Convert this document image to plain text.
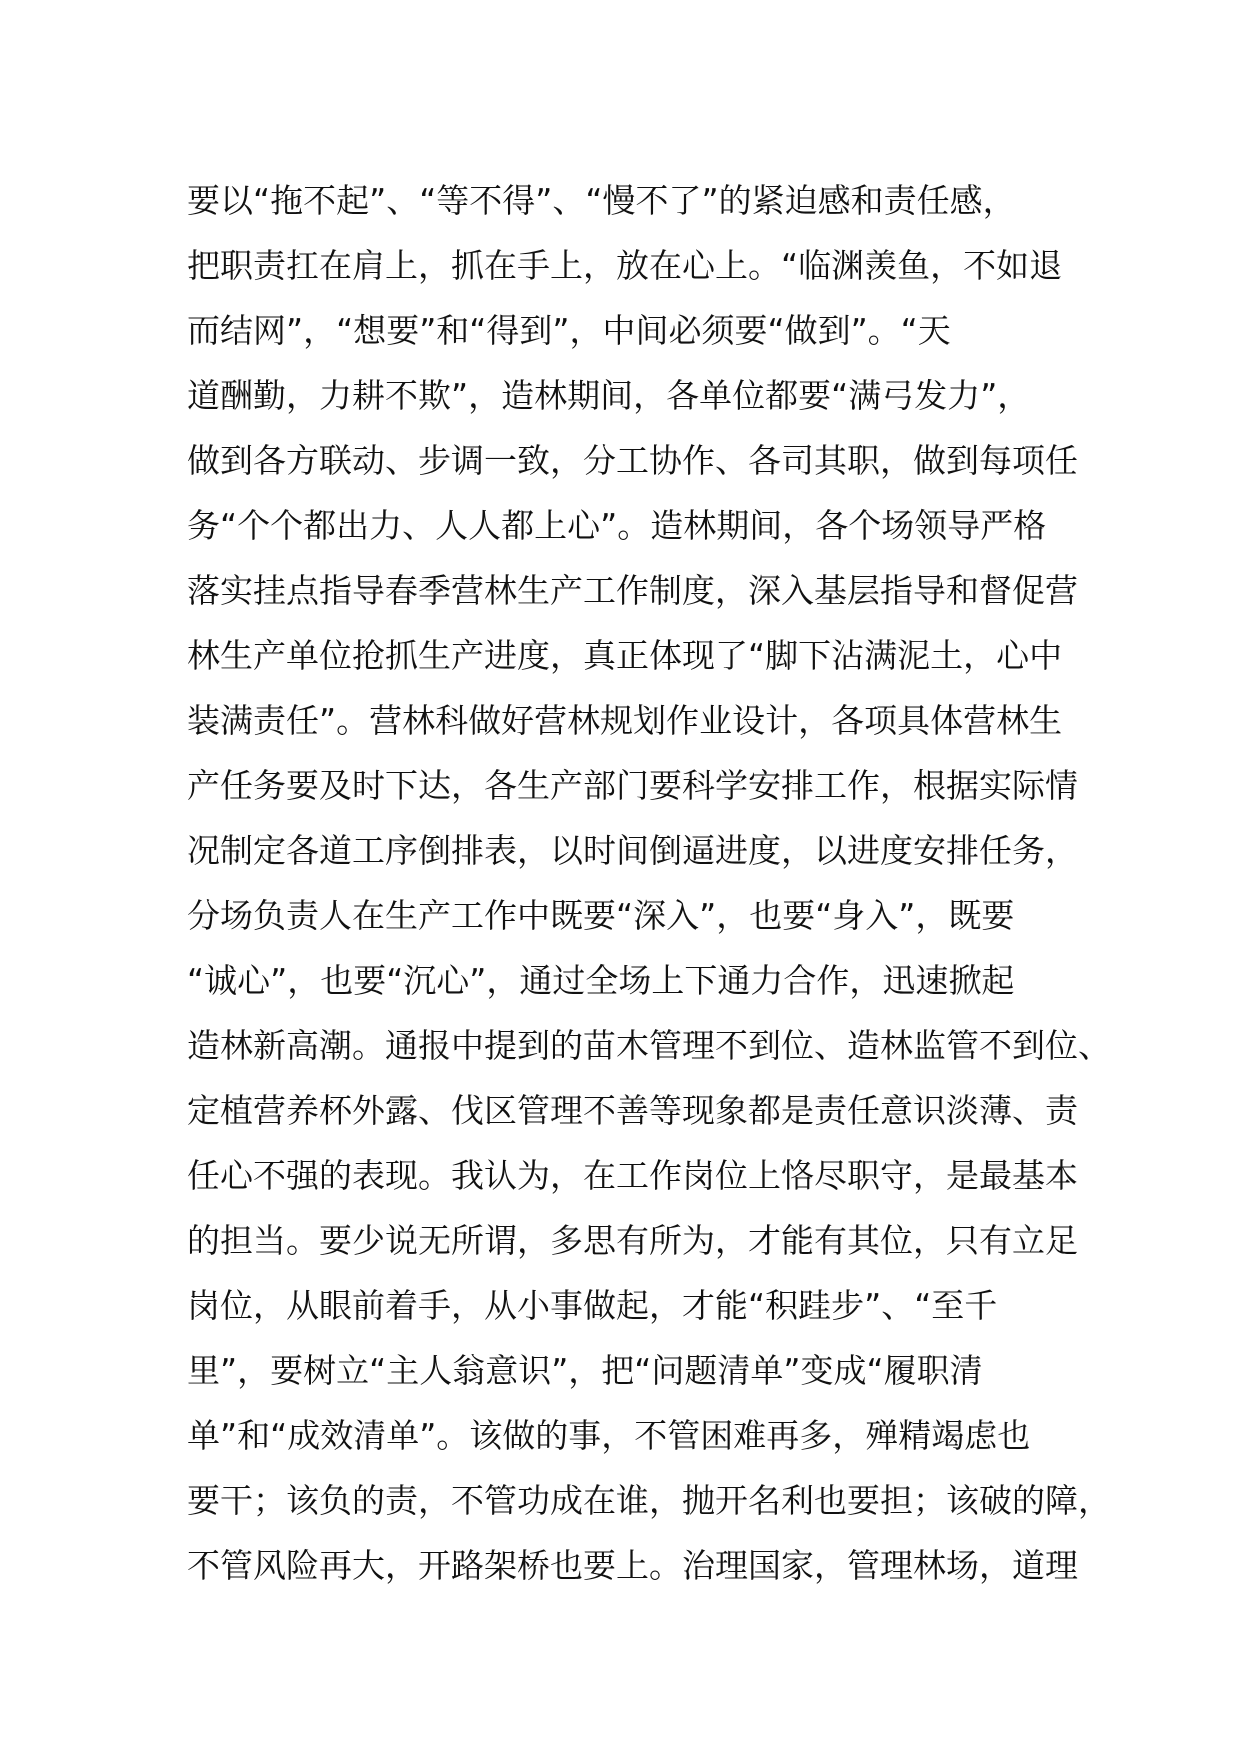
要以“拖不起”、“等不得”、“慢不了”的紧迫感和责任感，
把职责扛在肩上，抓在手上，放在心上。“临渊羡鱼，不如退
而结网”，“想要”和“得到”，中间必须要“做到”。“天
道酬勤，力耕不欺”，造林期间，各单位都要“满弓发力”，
做到各方联动、步调一致，分工协作、各司其职，做到每项任
务“个个都出力、人人都上心”。造林期间，各个场领导严格
落实挂点指导春季营林生产工作制度，深入基层指导和督促营
林生产单位抢抓生产进度，真正体现了“脚下沾满泥土，心中
装满责任”。营林科做好营林规划作业设计，各项具体营林生
产任务要及时下达，各生产部门要科学安排工作，根据实际情
况制定各道工序倒排表，以时间倒逼进度，以进度安排任务，
分场负责人在生产工作中既要“深入”，也要“身入”，既要
“诚心”，也要“沉心”，通过全场上下通力合作，迅速掀起
造林新高潮。通报中提到的苗木管理不到位、造林监管不到位、
定植营养杯外露、伐区管理不善等现象都是责任意识淡薄、责
任心不强的表现。我认为，在工作岗位上恪尽职守，是最基本
的担当。要少说无所谓，多思有所为，才能有其位，只有立足
岗位，从眼前着手，从小事做起，才能“积跬步”、“至千
里”，要树立“主人翁意识”，把“问题清单”变成“履职清
单”和“成效清单”。该做的事，不管困难再多，殚精竭虑也
要干；该负的责，不管功成在谁，抛开名利也要担；该破的障，
不管风险再大，开路架桥也要上。治理国家，管理林场，道理
